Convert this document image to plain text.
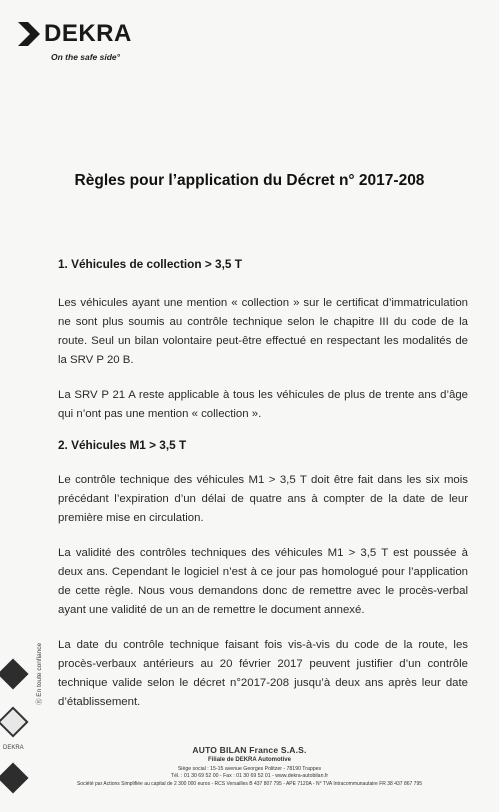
DEKRA
On the safe side°
Règles pour l’application du Décret n° 2017-208
1. Véhicules de collection > 3,5 T

Les véhicules ayant une mention « collection » sur le certificat d’immatriculation ne sont plus soumis au contrôle technique selon le chapitre III du code de la route. Seul un bilan volontaire peut-être effectué en respectant les modalités de la SRV P 20 B.

La SRV P 21 A reste applicable à tous les véhicules de plus de trente ans d’âge qui n’ont pas une mention « collection ».

2. Véhicules M1 > 3,5 T

Le contrôle technique des véhicules M1 > 3,5 T doit être fait dans les six mois précédant l’expiration d’un délai de quatre ans à compter de la date de leur première mise en circulation.

La validité des contrôles techniques des véhicules M1 > 3,5 T est poussée à deux ans. Cependant le logiciel n’est à ce jour pas homologué pour l’application de cette règle. Nous vous demandons donc de remettre avec le procès-verbal ayant une validité de un an de remettre le document annexé.

La date du contrôle technique faisant fois vis-à-vis du code de la route, les procès-verbaux antérieurs au 20 février 2017 peuvent justifier d’un contrôle technique valide selon le décret n°2017-208 jusqu’à deux ans après leur date d’établissement.

DEKRA
Ⓡ En toute confiance
AUTO BILAN France S.A.S.
Filiale de DEKRA Automotive
Siège social : 15-15 avenue Georges Politzer - 78190 Trappes
Tél. : 01 30 69 52 00 - Fax : 01 30 69 52 01 - www.dekra-autobilan.fr
Société par Actions Simplifiée au capital de 2 300 000 euros - RCS Versailles B 437 807 795 - APE 7120A - N° TVA Intracommunautaire FR 38 437 867 795
